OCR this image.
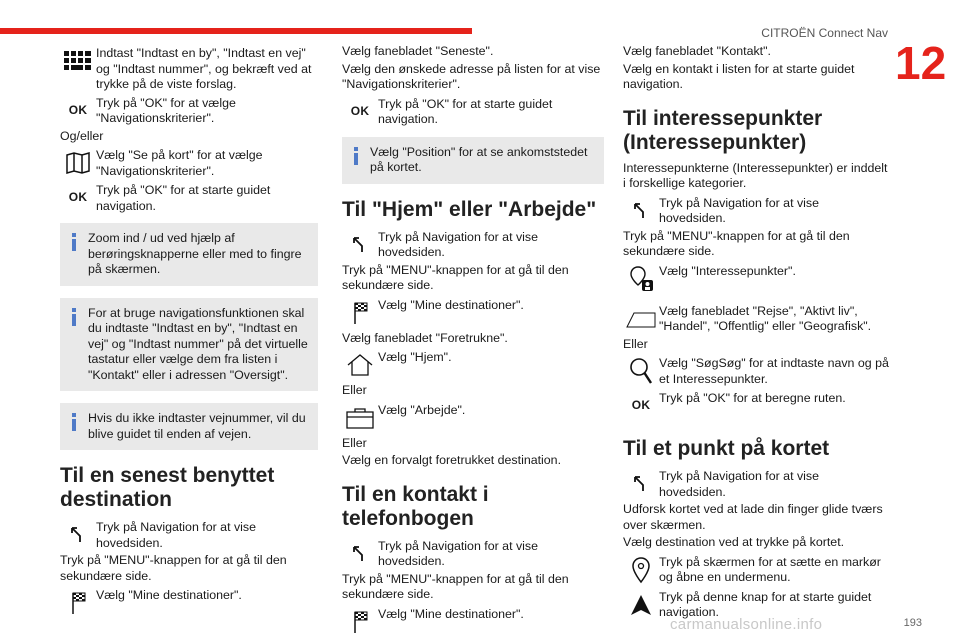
CITROËN Connect Nav
12
Indtast "Indtast en by", "Indtast en vej" og "Indtast nummer", og bekræft ved at trykke på de viste forslag.
OK
Tryk på "OK" for at vælge "Navigationskriterier".

Og/eller

Vælg "Se på kort" for at vælge "Navigationskriterier".
OK
Tryk på "OK" for at starte guidet navigation.
Zoom ind / ud ved hjælp af berøringsknapperne eller med to fingre på skærmen.
For at bruge navigationsfunktionen skal du indtaste "Indtast en by", "Indtast en vej" og "Indtast nummer" på det virtuelle tastatur eller vælge dem fra listen i "Kontakt" eller i adressen "Oversigt".
Hvis du ikke indtaster vejnummer, vil du blive guidet til enden af vejen.
Til en senest benyttet destination
Tryk på Navigation for at vise hovedsiden.

Tryk på "MENU"-knappen for at gå til den sekundære side.

Vælg "Mine destinationer".

Vælg fanebladet "Seneste".

Vælg den ønskede adresse på listen for at vise "Navigationskriterier".

OK
Tryk på "OK" for at starte guidet navigation.
Vælg "Position" for at se ankomststedet på kortet.
Til "Hjem" eller "Arbejde"
Tryk på Navigation for at vise hovedsiden.

Tryk på "MENU"-knappen for at gå til den sekundære side.

Vælg "Mine destinationer".

Vælg fanebladet "Foretrukne".

Vælg "Hjem".

Eller

Vælg "Arbejde".

Eller

Vælg en forvalgt foretrukket destination.

Til en kontakt i telefonbogen
Tryk på Navigation for at vise hovedsiden.

Tryk på "MENU"-knappen for at gå til den sekundære side.

Vælg "Mine destinationer".

Vælg fanebladet "Kontakt".

Vælg en kontakt i listen for at starte guidet navigation.

Til interessepunkter (Interessepunkter)

Interessepunkterne (Interessepunkter) er inddelt i forskellige kategorier.

Tryk på Navigation for at vise hovedsiden.

Tryk på "MENU"-knappen for at gå til den sekundære side.

Vælg "Interessepunkter".
Vælg fanebladet "Rejse", "Aktivt liv", "Handel", "Offentlig" eller "Geografisk".

Eller

Vælg "SøgSøg" for at indtaste navn og på et Interessepunkter.
OK
Tryk på "OK" for at beregne ruten.
Til et punkt på kortet
Tryk på Navigation for at vise hovedsiden.

Udforsk kortet ved at lade din finger glide tværs over skærmen.

Vælg destination ved at trykke på kortet.

Tryk på skærmen for at sætte en markør og åbne en undermenu.
Tryk på denne knap for at starte guidet navigation.
carmanualsonline.info	193
